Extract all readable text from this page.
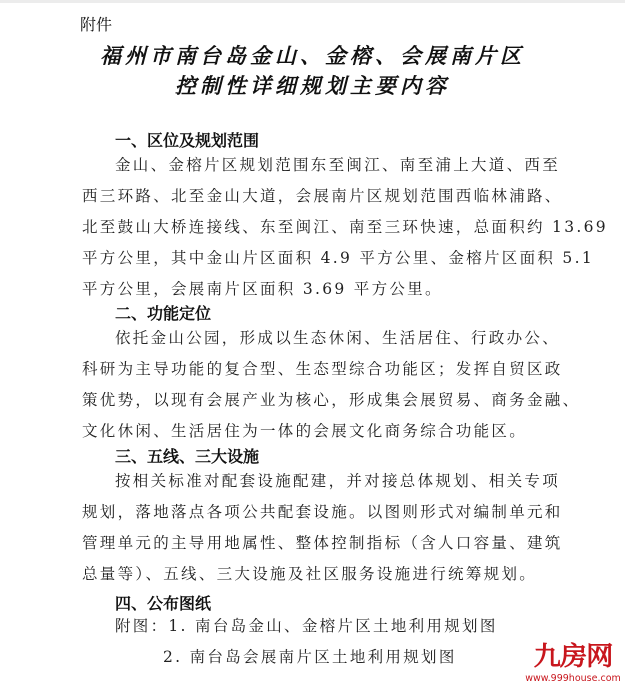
附件
福州市南台岛金山、金榕、会展南片区
控制性详细规划主要内容
一、区位及规划范围
金山、金榕片区规划范围东至闽江、南至浦上大道、西至
西三环路、北至金山大道，会展南片区规划范围西临林浦路、
北至鼓山大桥连接线、东至闽江、南至三环快速，总面积约 13.69
平方公里，其中金山片区面积 4.9 平方公里、金榕片区面积 5.1
平方公里，会展南片区面积 3.69 平方公里。
二、功能定位
依托金山公园，形成以生态休闲、生活居住、行政办公、
科研为主导功能的复合型、生态型综合功能区；发挥自贸区政
策优势，以现有会展产业为核心，形成集会展贸易、商务金融、
文化休闲、生活居住为一体的会展文化商务综合功能区。
三、五线、三大设施
按相关标准对配套设施配建，并对接总体规划、相关专项
规划，落地落点各项公共配套设施。以图则形式对编制单元和
管理单元的主导用地属性、整体控制指标（含人口容量、建筑
总量等）、五线、三大设施及社区服务设施进行统筹规划。
四、公布图纸
附图：1. 南台岛金山、金榕片区土地利用规划图
2. 南台岛会展南片区土地利用规划图	九房网
www.999house.com
